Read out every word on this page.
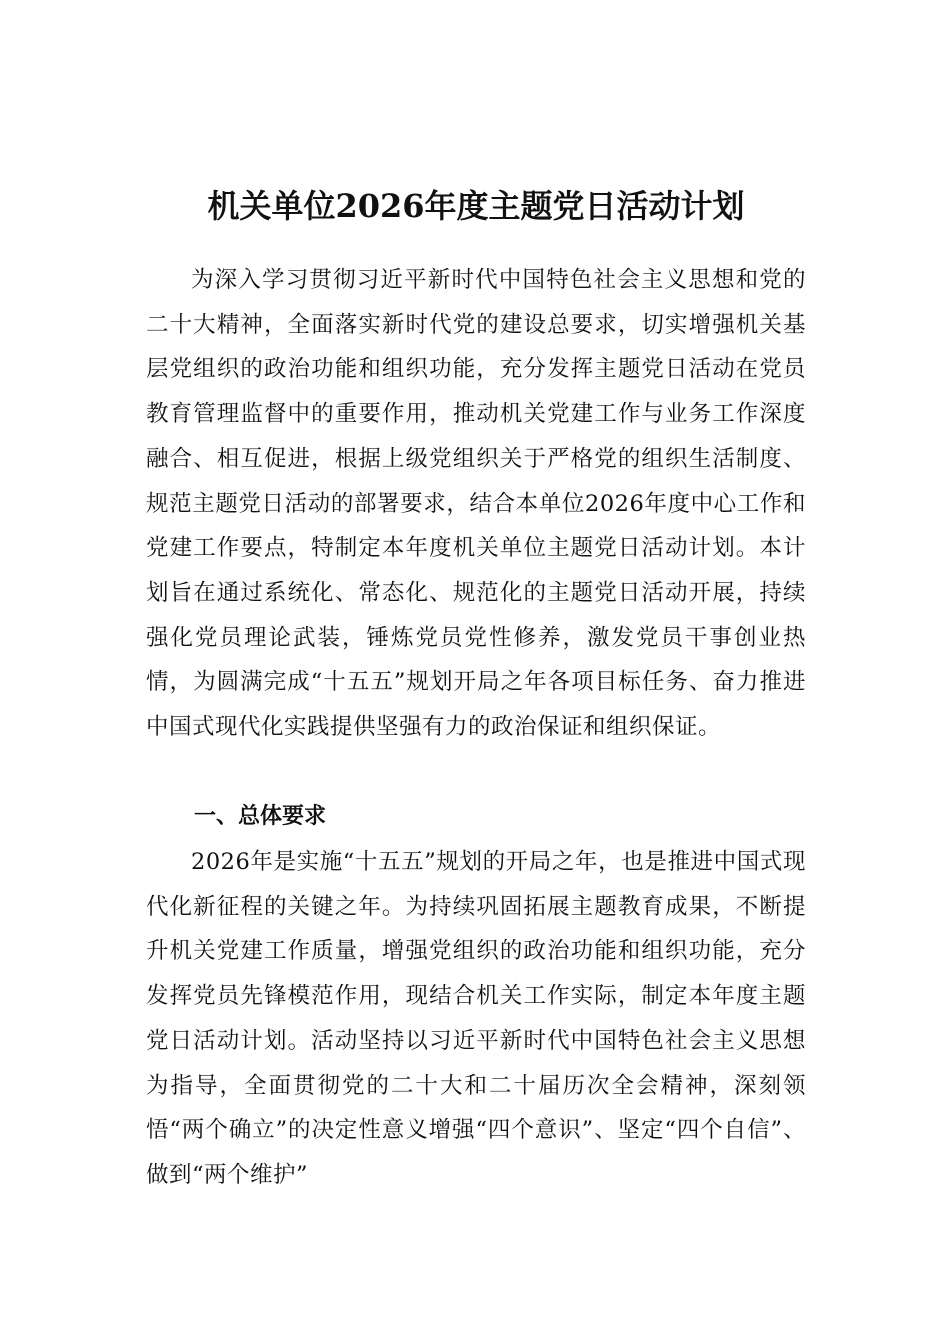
机关单位2026年度主题党日活动计划

为深入学习贯彻习近平新时代中国特色社会主义思想和党的二十大精神，全面落实新时代党的建设总要求，切实增强机关基层党组织的政治功能和组织功能，充分发挥主题党日活动在党员教育管理监督中的重要作用，推动机关党建工作与业务工作深度融合、相互促进，根据上级党组织关于严格党的组织生活制度、规范主题党日活动的部署要求，结合本单位2026年度中心工作和党建工作要点，特制定本年度机关单位主题党日活动计划。本计划旨在通过系统化、常态化、规范化的主题党日活动开展，持续强化党员理论武装，锤炼党员党性修养，激发党员干事创业热情，为圆满完成“十五五”规划开局之年各项目标任务、奋力推进中国式现代化实践提供坚强有力的政治保证和组织保证。

一、总体要求

2026年是实施“十五五”规划的开局之年，也是推进中国式现代化新征程的关键之年。为持续巩固拓展主题教育成果，不断提升机关党建工作质量，增强党组织的政治功能和组织功能，充分发挥党员先锋模范作用，现结合机关工作实际，制定本年度主题党日活动计划。活动坚持以习近平新时代中国特色社会主义思想为指导，全面贯彻党的二十大和二十届历次全会精神，深刻领悟“两个确立”的决定性意义增强“四个意识”、坚定“四个自信”、做到“两个维护”
